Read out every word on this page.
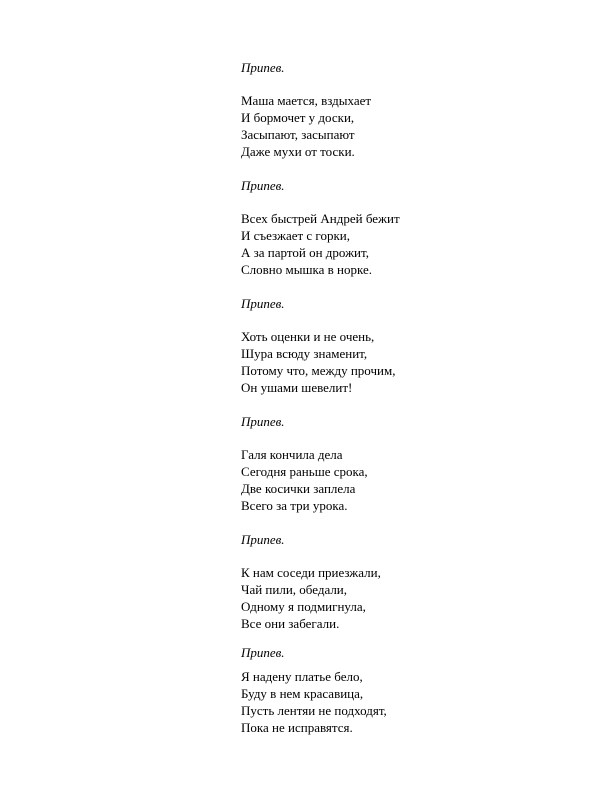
Припев.
Маша мается, вздыхает
И бормочет у доски,
Засыпают, засыпают
Даже мухи от тоски.
Припев.
Всех быстрей Андрей бежит
И съезжает с горки,
А за партой он дрожит,
Словно мышка в норке.
Припев.
Хоть оценки и не очень,
Шура всюду знаменит,
Потому что, между прочим,
Он ушами шевелит!
Припев.
Галя кончила дела
Сегодня раньше срока,
Две косички заплела
Всего за три урока.
Припев.
К нам соседи приезжали,
Чай пили, обедали,
Одному я подмигнула,
Все они забегали.
Припев.
Я надену платье бело,
Буду в нем красавица,
Пусть лентяи не подходят,
Пока не исправятся.
